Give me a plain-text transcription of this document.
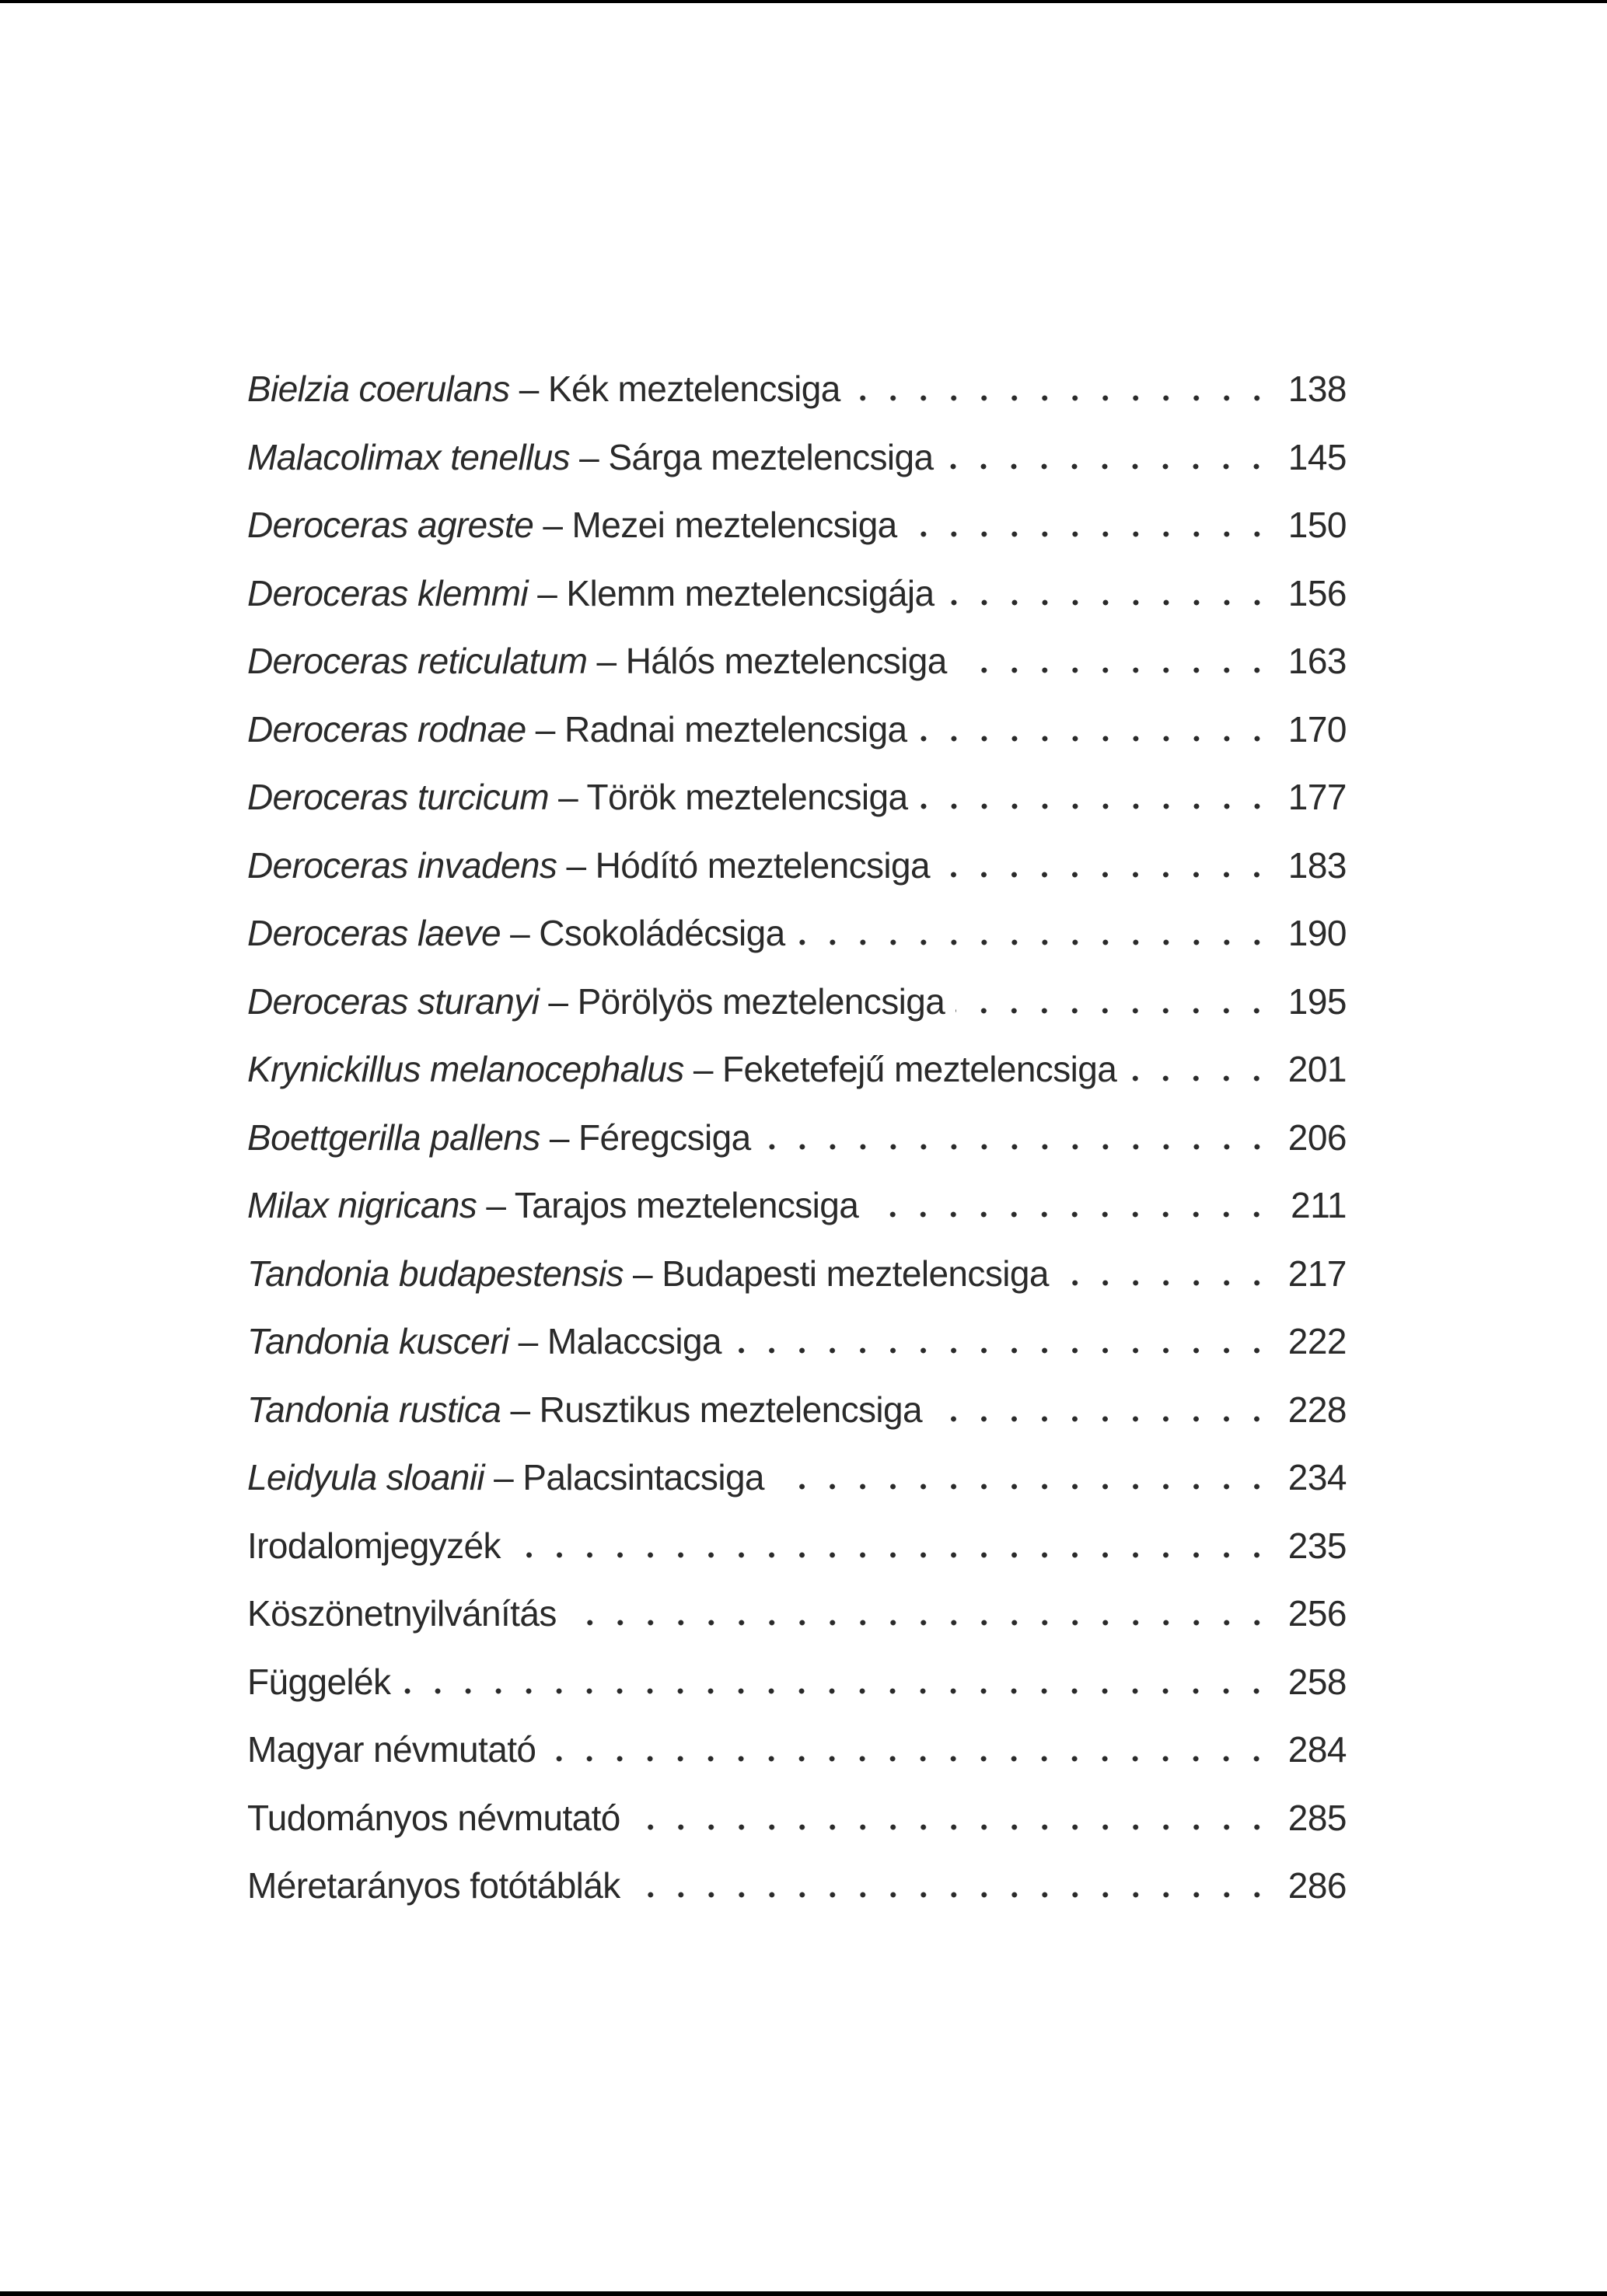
Bielzia coerulans – Kék meztelencsiga	138
Malacolimax tenellus – Sárga meztelencsiga	145
Deroceras agreste – Mezei meztelencsiga	150
Deroceras klemmi – Klemm meztelencsigája	156
Deroceras reticulatum – Hálós meztelencsiga	163
Deroceras rodnae – Radnai meztelencsiga	170
Deroceras turcicum – Török meztelencsiga	177
Deroceras invadens – Hódító meztelencsiga	183
Deroceras laeve – Csokoládécsiga	190
Deroceras sturanyi – Pörölyös meztelencsiga	195
Krynickillus melanocephalus – Feketefejű meztelencsiga	201
Boettgerilla pallens – Féregcsiga	206
Milax nigricans – Tarajos meztelencsiga	211
Tandonia budapestensis – Budapesti meztelencsiga	217
Tandonia kusceri – Malaccsiga	222
Tandonia rustica – Rusztikus meztelencsiga	228
Leidyula sloanii – Palacsintacsiga	234
Irodalomjegyzék	235
Köszönetnyilvánítás	256
Függelék	258
Magyar névmutató	284
Tudományos névmutató	285
Méretarányos fotótáblák	286
